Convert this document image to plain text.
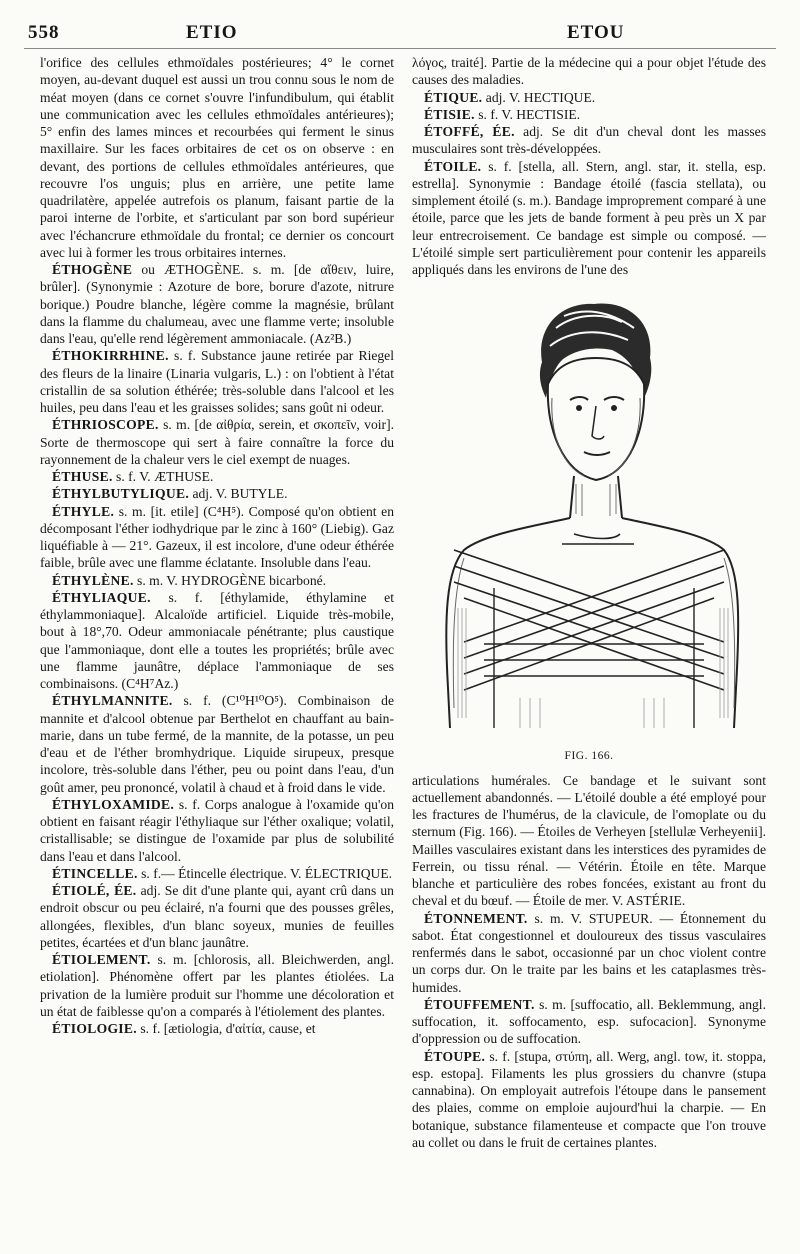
558	ETIO	ETOU

l'orifice des cellules ethmoïdales postérieures; 4° le cornet moyen, au-devant duquel est aussi un trou connu sous le nom de méat moyen (dans ce cornet s'ouvre l'infundibulum, qui établit une communication avec les cellules ethmoïdales antérieures); 5° enfin des lames minces et recourbées qui ferment le sinus maxillaire. Sur les faces orbitaires de cet os on observe : en devant, des portions de cellules ethmoïdales antérieures, que recouvre l'os unguis; plus en arrière, une petite lame quadrilatère, appelée autrefois os planum, faisant partie de la paroi interne de l'orbite, et s'articulant par son bord supérieur avec l'échancrure ethmoïdale du frontal; ce dernier os concourt avec lui à former les trous orbitaires internes.

ÉTHOGÈNE ou ÆTHOGÈNE. s. m. [de αἴθειν, luire, brûler]. (Synonymie : Azoture de bore, borure d'azote, nitrure borique.) Poudre blanche, légère comme la magnésie, brûlant dans la flamme du chalumeau, avec une flamme verte; insoluble dans l'eau, qu'elle rend légèrement ammoniacale. (Az²B.)

ÉTHOKIRRHINE. s. f. Substance jaune retirée par Riegel des fleurs de la linaire (Linaria vulgaris, L.) : on l'obtient à l'état cristallin de sa solution éthérée; très-soluble dans l'alcool et les huiles, peu dans l'eau et les graisses solides; sans goût ni odeur.

ÉTHRIOSCOPE. s. m. [de αἰθρία, serein, et σκοπεῖν, voir]. Sorte de thermoscope qui sert à faire connaître la force du rayonnement de la chaleur vers le ciel exempt de nuages.

ÉTHUSE. s. f. V. ÆTHUSE.

ÉTHYLBUTYLIQUE. adj. V. BUTYLE.

ÉTHYLE. s. m. [it. etile] (C⁴H⁵). Composé qu'on obtient en décomposant l'éther iodhydrique par le zinc à 160° (Liebig). Gaz liquéfiable à — 21°. Gazeux, il est incolore, d'une odeur éthérée faible, brûle avec une flamme éclatante. Insoluble dans l'eau.

ÉTHYLÈNE. s. m. V. HYDROGÈNE bicarboné.

ÉTHYLIAQUE. s. f. [éthylamide, éthylamine et éthylammoniaque]. Alcaloïde artificiel. Liquide très-mobile, bout à 18°,70. Odeur ammoniacale pénétrante; plus caustique que l'ammoniaque, dont elle a toutes les propriétés; brûle avec une flamme jaunâtre, déplace l'ammoniaque de ses combinaisons. (C⁴H⁷Az.)

ÉTHYLMANNITE. s. f. (C¹⁰H¹⁰O⁵). Combinaison de mannite et d'alcool obtenue par Berthelot en chauffant au bain-marie, dans un tube fermé, de la mannite, de la potasse, un peu d'eau et de l'éther bromhydrique. Liquide sirupeux, presque incolore, très-soluble dans l'éther, peu ou point dans l'eau, d'un goût amer, peu prononcé, volatil à chaud et à froid dans le vide.

ÉTHYLOXAMIDE. s. f. Corps analogue à l'oxamide qu'on obtient en faisant réagir l'éthyliaque sur l'éther oxalique; volatil, cristallisable; se distingue de l'oxamide par plus de solubilité dans l'eau et dans l'alcool.

ÉTINCELLE. s. f.— Étincelle électrique. V. ÉLECTRIQUE.

ÉTIOLÉ, ÉE. adj. Se dit d'une plante qui, ayant crû dans un endroit obscur ou peu éclairé, n'a fourni que des pousses grêles, allongées, flexibles, d'un blanc soyeux, munies de feuilles petites, écartées et d'un blanc jaunâtre.

ÉTIOLEMENT. s. m. [chlorosis, all. Bleichwerden, angl. etiolation]. Phénomène offert par les plantes étiolées. La privation de la lumière produit sur l'homme une décoloration et un état de faiblesse qu'on a comparés à l'étiolement des plantes.

ÉTIOLOGIE. s. f. [ætiologia, d'αἰτία, cause, et

λόγος, traité]. Partie de la médecine qui a pour objet l'étude des causes des maladies.

ÉTIQUE. adj. V. HECTIQUE.

ÉTISIE. s. f. V. HECTISIE.

ÉTOFFÉ, ÉE. adj. Se dit d'un cheval dont les masses musculaires sont très-développées.

ÉTOILE. s. f. [stella, all. Stern, angl. star, it. stella, esp. estrella]. Synonymie : Bandage étoilé (fascia stellata), ou simplement étoilé (s. m.). Bandage improprement comparé à une étoile, parce que les jets de bande forment à peu près un X par leur entrecroisement. Ce bandage est simple ou composé. — L'étoilé simple sert particulièrement pour contenir les appareils appliqués dans les environs de l'une des

FIG. 166.

articulations humérales. Ce bandage et le suivant sont actuellement abandonnés. — L'étoilé double a été employé pour les fractures de l'humérus, de la clavicule, de l'omoplate ou du sternum (Fig. 166). — Étoiles de Verheyen [stellulæ Verheyenii]. Mailles vasculaires existant dans les interstices des pyramides de Ferrein, ou tissu rénal. — Vétérin. Étoile en tête. Marque blanche et particulière des robes foncées, existant au front du cheval et du bœuf. — Étoile de mer. V. ASTÉRIE.

ÉTONNEMENT. s. m. V. STUPEUR. — Étonnement du sabot. État congestionnel et douloureux des tissus vasculaires renfermés dans le sabot, occasionné par un choc violent contre un corps dur. On le traite par les bains et les cataplasmes très-humides.

ÉTOUFFEMENT. s. m. [suffocatio, all. Beklemmung, angl. suffocation, it. soffocamento, esp. sufocacion]. Synonyme d'oppression ou de suffocation.

ÉTOUPE. s. f. [stupa, στύπη, all. Werg, angl. tow, it. stoppa, esp. estopa]. Filaments les plus grossiers du chanvre (stupa cannabina). On employait autrefois l'étoupe dans le pansement des plaies, comme on emploie aujourd'hui la charpie. — En botanique, substance filamenteuse et compacte que l'on trouve au collet ou dans le fruit de certaines plantes.
